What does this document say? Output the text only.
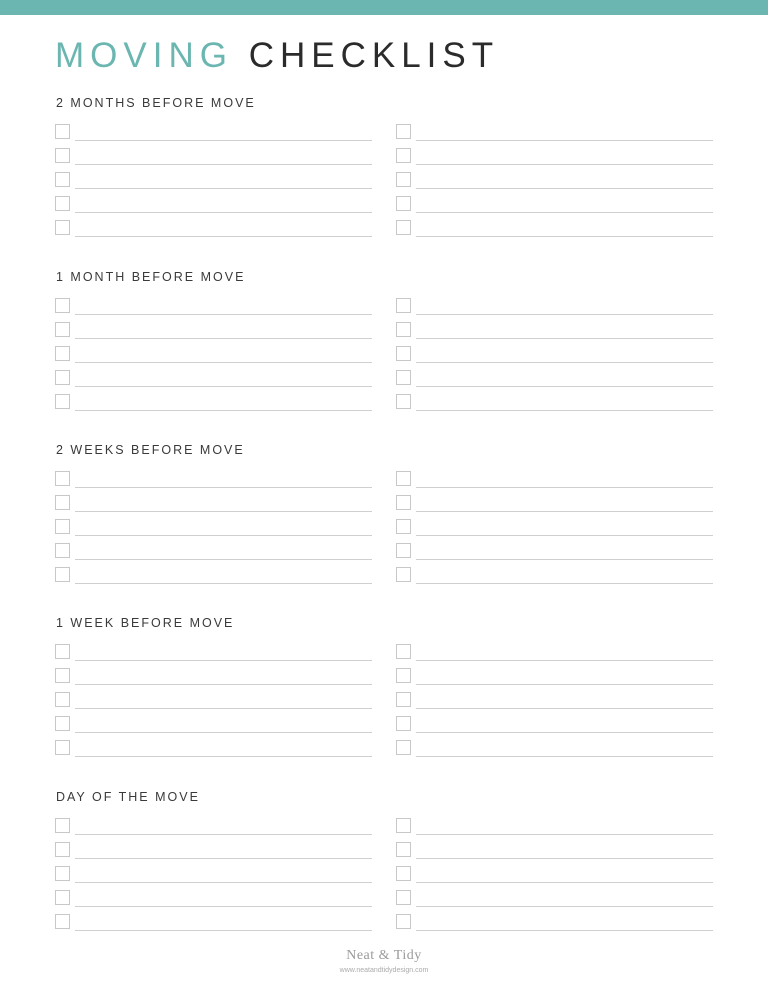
MOVING CHECKLIST
2 MONTHS BEFORE MOVE
1 MONTH BEFORE MOVE
2 WEEKS BEFORE MOVE
1 WEEK BEFORE MOVE
DAY OF THE MOVE
Neat & Tidy
www.neatandtidydesign.com
